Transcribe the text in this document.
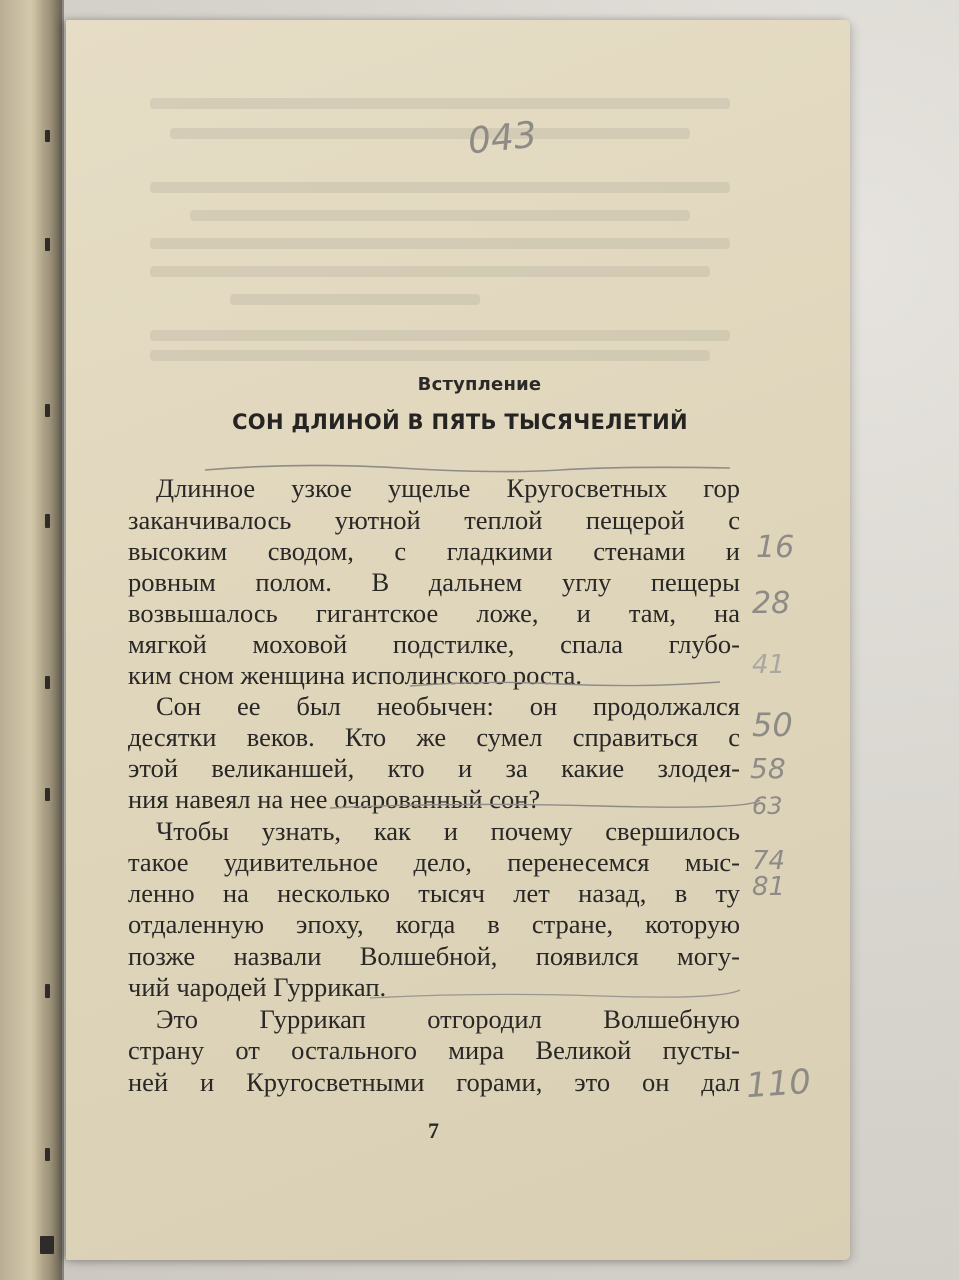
Вступление
СОН ДЛИНОЙ В ПЯТЬ ТЫСЯЧЕЛЕТИЙ
Длинное узкое ущелье Кругосветных гор
заканчивалось уютной теплой пещерой с
высоким сводом, с гладкими стенами и
ровным полом. В дальнем углу пещеры
возвышалось гигантское ложе, и там, на
мягкой моховой подстилке, спала глубо-
ким сном женщина исполинского роста.
Сон ее был необычен: он продолжался
десятки веков. Кто же сумел справиться с
этой великаншей, кто и за какие злодея-
ния навеял на нее очарованный сон?
Чтобы узнать, как и почему свершилось
такое удивительное дело, перенесемся мыс-
ленно на несколько тысяч лет назад, в ту
отдаленную эпоху, когда в стране, которую
позже назвали Волшебной, появился могу-
чий чародей Гуррикап.
Это Гуррикап отгородил Волшебную
страну от остального мира Великой пусты-
ней и Кругосветными горами, это он дал
7
043
16
28
41
50
58
63
74
81
110
